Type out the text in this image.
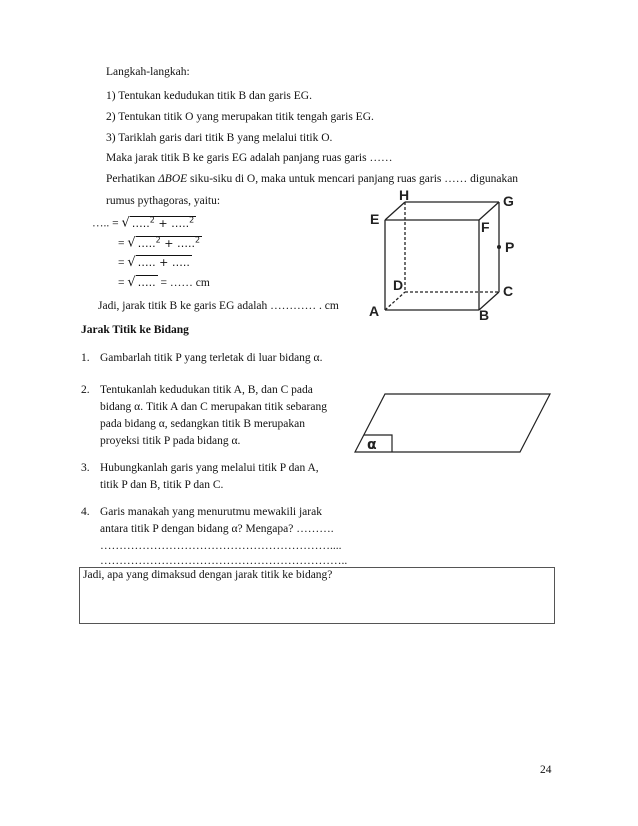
Langkah-langkah:
1) Tentukan kedudukan titik B dan garis EG.
2) Tentukan titik O yang merupakan titik tengah garis EG.
3) Tariklah garis dari titik B yang melalui titik O.
Maka jarak titik B ke garis EG adalah panjang ruas garis ……
Perhatikan ΔBOE siku-siku di O, maka untuk mencari panjang ruas garis …… digunakan
rumus pythagoras, yaitu:
….. = √ …..$^2$ + …..$^2$
= √ …..$^2$ + …..$^2$
= √ ….. + …..
= √ ….. = …… cm
Jadi, jarak titik B ke garis EG adalah ………… . cm
H	G
E	F
P
D	C
A	B
Jarak Titik ke Bidang
1. Gambarlah titik P yang terletak di luar bidang α.
2. Tentukanlah kedudukan titik A, B, dan C pada
bidang α. Titik A dan C merupakan titik sebarang
pada bidang α, sedangkan titik B merupakan
proyeksi titik P pada bidang α.
3. Hubungkanlah garis yang melalui titik P dan A,
titik P dan B, titik P dan C.
4. Garis manakah yang menurutmu mewakili jarak
antara titik P dengan bidang α? Mengapa? ……….
……………………………………………………....
………………………………………………………..
α
Jadi, apa yang dimaksud dengan jarak titik ke bidang?
24
